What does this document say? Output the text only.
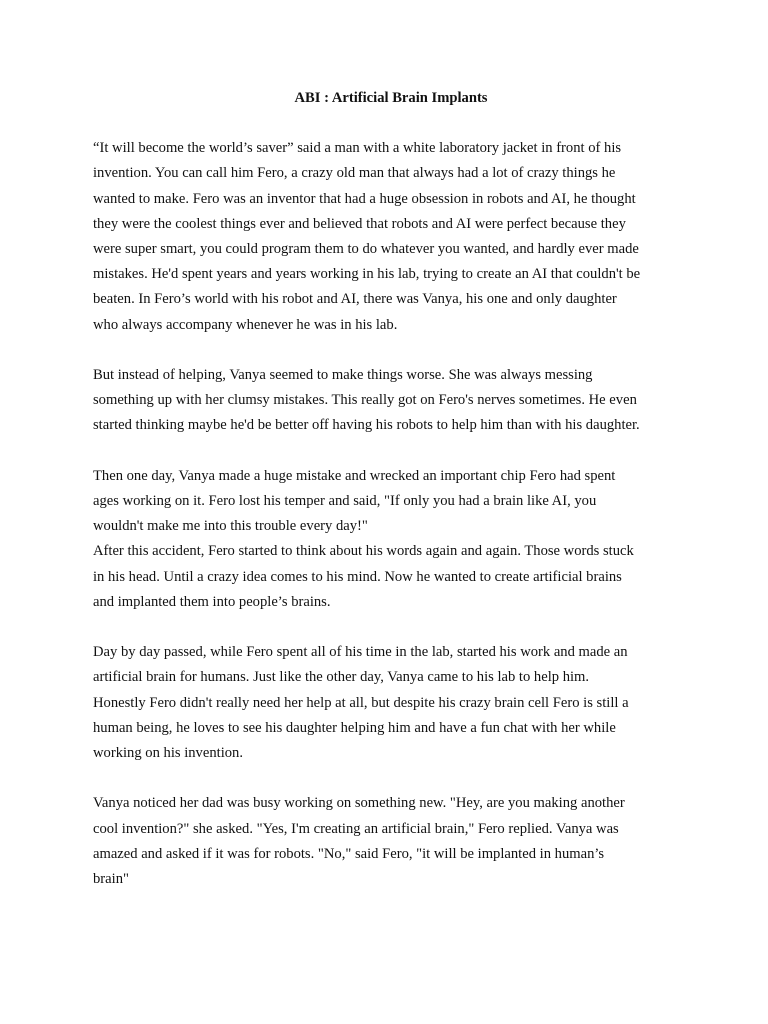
ABI : Artificial Brain Implants
“It will become the world’s saver” said a man with a white laboratory jacket in front of his
invention. You can call him Fero, a crazy old man that always had a lot of crazy things he
wanted to make. Fero was an inventor that had a huge obsession in robots and AI, he thought
they were the coolest things ever and believed that robots and AI were perfect because they
were super smart, you could program them to do whatever you wanted, and hardly ever made
mistakes. He'd spent years and years working in his lab, trying to create an AI that couldn't be
beaten. In Fero’s world with his robot and AI, there was Vanya, his one and only daughter
who always accompany whenever he was in his lab.
But instead of helping, Vanya seemed to make things worse. She was always messing
something up with her clumsy mistakes. This really got on Fero's nerves sometimes. He even
started thinking maybe he'd be better off having his robots to help him than with his daughter.
Then one day, Vanya made a huge mistake and wrecked an important chip Fero had spent
ages working on it. Fero lost his temper and said, "If only you had a brain like AI, you
wouldn't make me into this trouble every day!"
After this accident, Fero started to think about his words again and again. Those words stuck
in his head. Until a crazy idea comes to his mind. Now he wanted to create artificial brains
and implanted them into people’s brains.
Day by day passed, while Fero spent all of his time in the lab, started his work and made an
artificial brain for humans. Just like the other day, Vanya came to his lab to help him.
Honestly Fero didn't really need her help at all, but despite his crazy brain cell Fero is still a
human being, he loves to see his daughter helping him and have a fun chat with her while
working on his invention.
Vanya noticed her dad was busy working on something new. "Hey, are you making another
cool invention?" she asked. "Yes, I'm creating an artificial brain," Fero replied. Vanya was
amazed and asked if it was for robots. "No," said Fero, "it will be implanted in human’s
brain"
